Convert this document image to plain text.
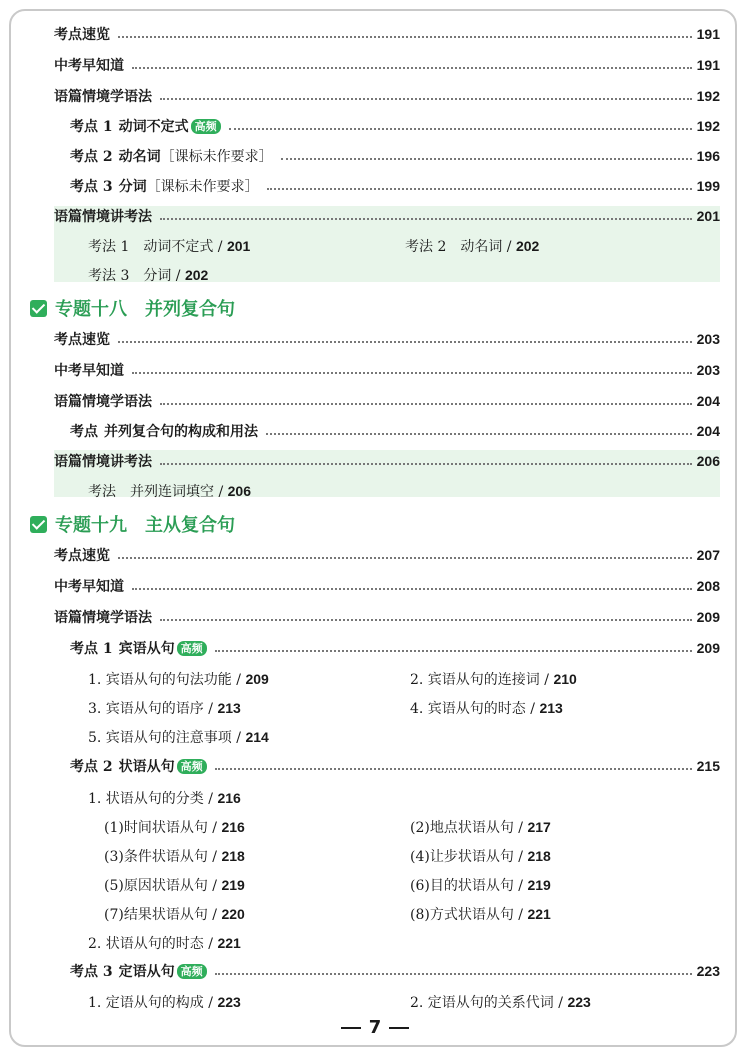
考点速览	191
中考早知道	191
语篇情境学语法	192
考点 1 动词不定式 高频	192
考点 2 动名词［课标未作要求］	196
考点 3 分词［课标未作要求］	199
语篇情境讲考法	201
考法 1　动词不定式 / 201	考法 2　动名词 / 202
考法 3　分词 / 202
专题十八 并列复合句
考点速览	203
中考早知道	203
语篇情境学语法	204
考点 并列复合句的构成和用法	204
语篇情境讲考法	206
考法　并列连词填空 / 206
专题十九 主从复合句
考点速览	207
中考早知道	208
语篇情境学语法	209
考点 1 宾语从句 高频	209
1. 宾语从句的句法功能 / 209	2. 宾语从句的连接词 / 210
3. 宾语从句的语序 / 213	4. 宾语从句的时态 / 213
5. 宾语从句的注意事项 / 214
考点 2 状语从句 高频	215
1. 状语从句的分类 / 216
(1)时间状语从句 / 216	(2)地点状语从句 / 217
(3)条件状语从句 / 218	(4)让步状语从句 / 218
(5)原因状语从句 / 219	(6)目的状语从句 / 219
(7)结果状语从句 / 220	(8)方式状语从句 / 221
2. 状语从句的时态 / 221
考点 3 定语从句 高频	223
1. 定语从句的构成 / 223	2. 定语从句的关系代词 / 223
7
